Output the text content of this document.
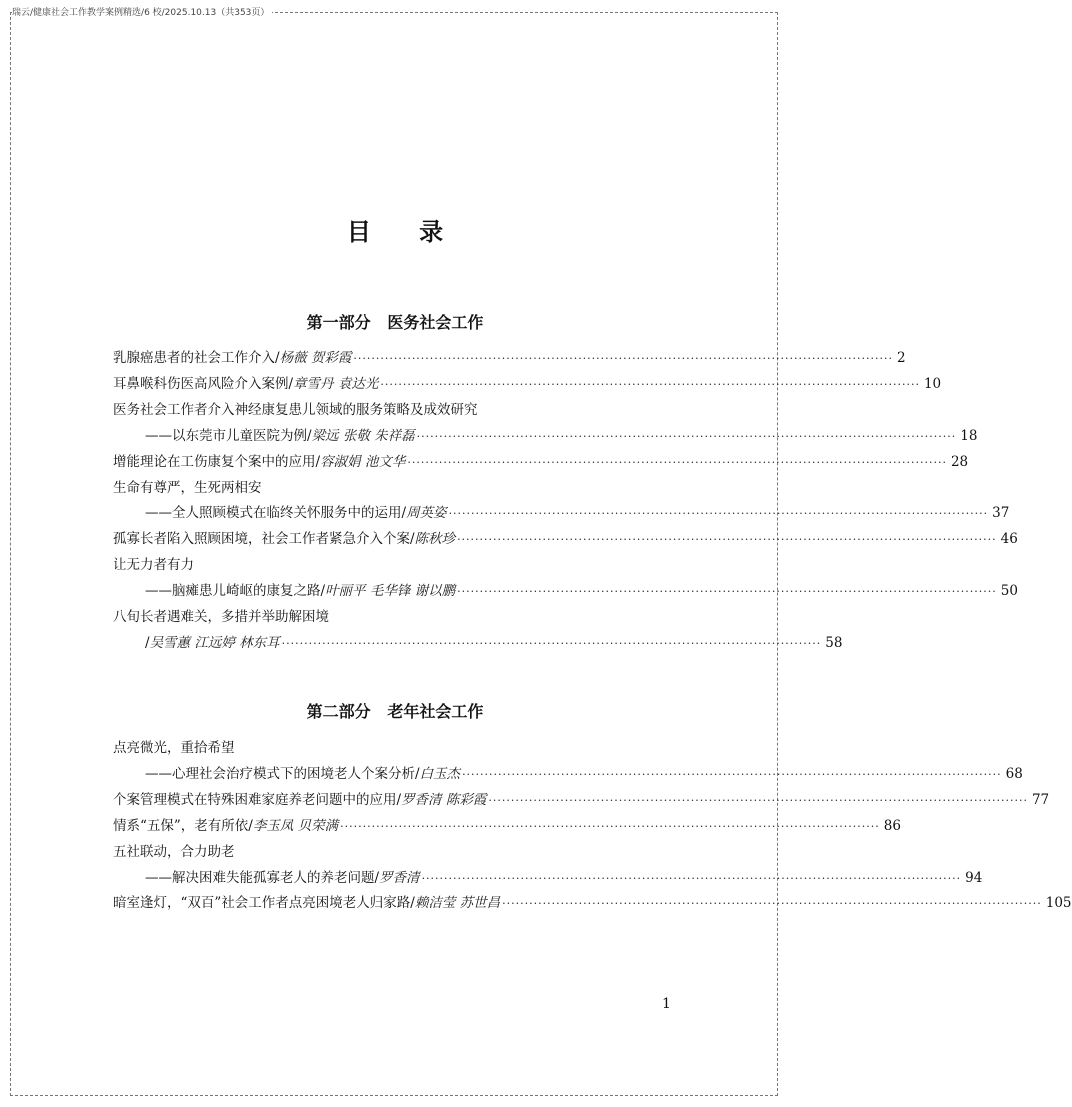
瑞云/健康社会工作教学案例精选/6 校/2025.10.13（共353页）
目 录
第一部分   医务社会工作
乳腺癌患者的社会工作介入/ 杨薇 贺彩霞 ························································································································ 2
耳鼻喉科伤医高风险介入案例/ 章雪丹 袁达光 ························································································································ 10
医务社会工作者介入神经康复患儿领域的服务策略及成效研究
——以东莞市儿童医院为例/ 梁远 张敬 朱祥磊 ························································································································ 18
增能理论在工伤康复个案中的应用/ 容淑娟 池文华 ························································································································ 28
生命有尊严，生死两相安
——全人照顾模式在临终关怀服务中的运用/ 周英姿 ························································································································ 37
孤寡长者陷入照顾困境，社会工作者紧急介入个案/ 陈秋珍 ························································································································ 46
让无力者有力
——脑瘫患儿崎岖的康复之路/ 叶丽平 毛华锋 谢以鹏 ························································································································ 50
八旬长者遇难关，多措并举助解困境
/ 吴雪蕙 江远婷 林东耳 ························································································································ 58
第二部分   老年社会工作
点亮微光，重拾希望
——心理社会治疗模式下的困境老人个案分析/ 白玉杰 ························································································································ 68
个案管理模式在特殊困难家庭养老问题中的应用/ 罗香清 陈彩霞 ························································································································ 77
情系“五保”，老有所依/ 李玉凤 贝荣满 ························································································································ 86
五社联动，合力助老
——解决困难失能孤寡老人的养老问题/ 罗香清 ························································································································ 94
暗室逢灯，“双百”社会工作者点亮困境老人归家路/ 赖洁莹 苏世昌 ························································································································ 105
1
